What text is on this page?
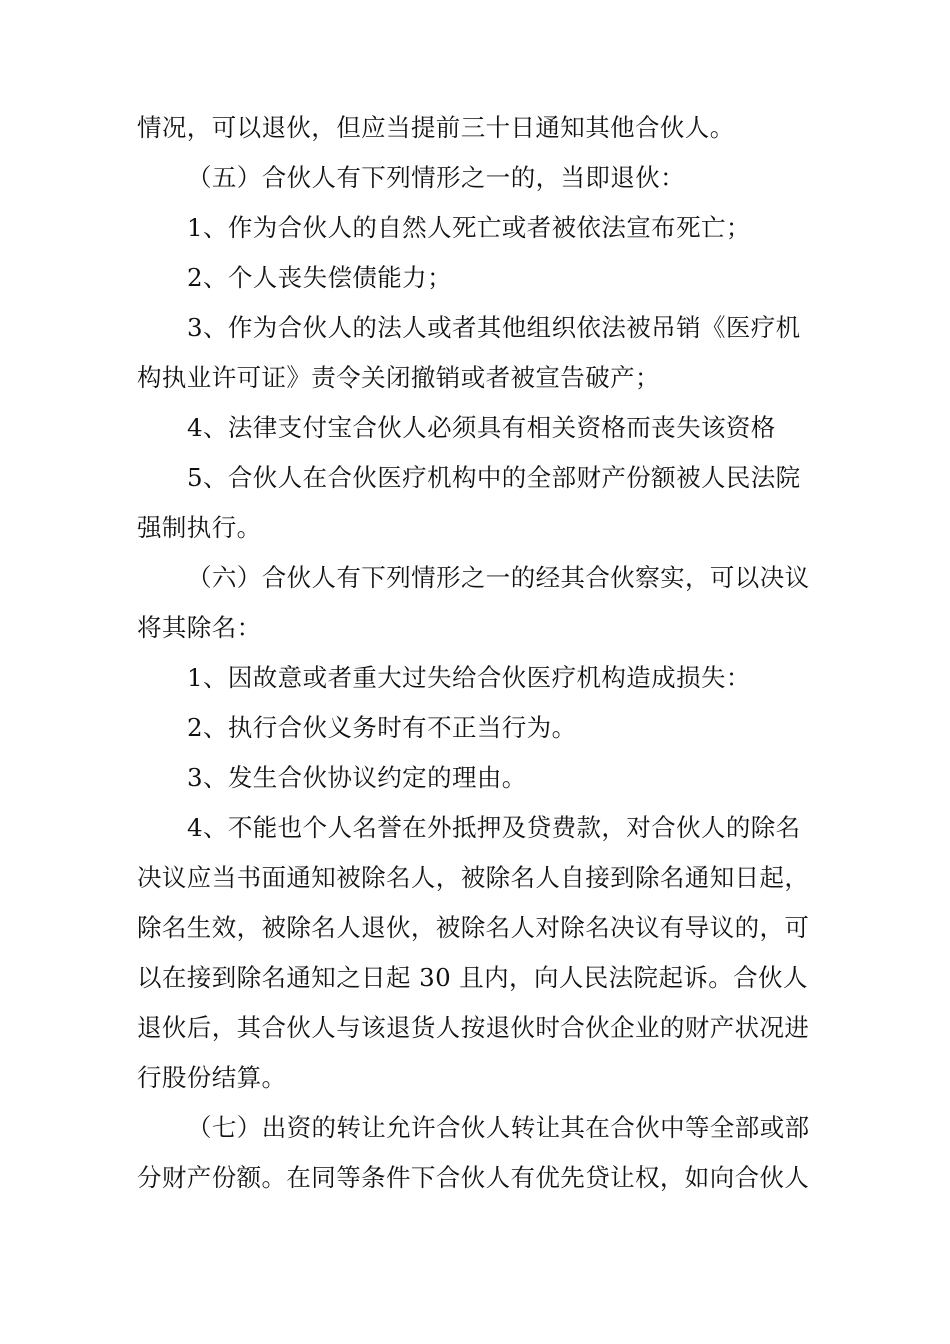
情况，可以退伙，但应当提前三十日通知其他合伙人。
（五）合伙人有下列情形之一的，当即退伙：
1、作为合伙人的自然人死亡或者被依法宣布死亡；
2、个人丧失偿债能力；
3、作为合伙人的法人或者其他组织依法被吊销《医疗机
构执业许可证》责令关闭撤销或者被宣告破产；
4、法律支付宝合伙人必须具有相关资格而丧失该资格
5、合伙人在合伙医疗机构中的全部财产份额被人民法院
强制执行。
（六）合伙人有下列情形之一的经其合伙察实，可以决议
将其除名：
1、因故意或者重大过失给合伙医疗机构造成损失：
2、执行合伙义务时有不正当行为。
3、发生合伙协议约定的理由。
4、不能也个人名誉在外抵押及贷费款，对合伙人的除名
决议应当书面通知被除名人，被除名人自接到除名通知日起，
除名生效，被除名人退伙，被除名人对除名决议有导议的，可
以在接到除名通知之日起 30 且内，向人民法院起诉。合伙人
退伙后，其合伙人与该退货人按退伙时合伙企业的财产状况进
行股份结算。
（七）出资的转让允许合伙人转让其在合伙中等全部或部
分财产份额。在同等条件下合伙人有优先贷让权，如向合伙人
